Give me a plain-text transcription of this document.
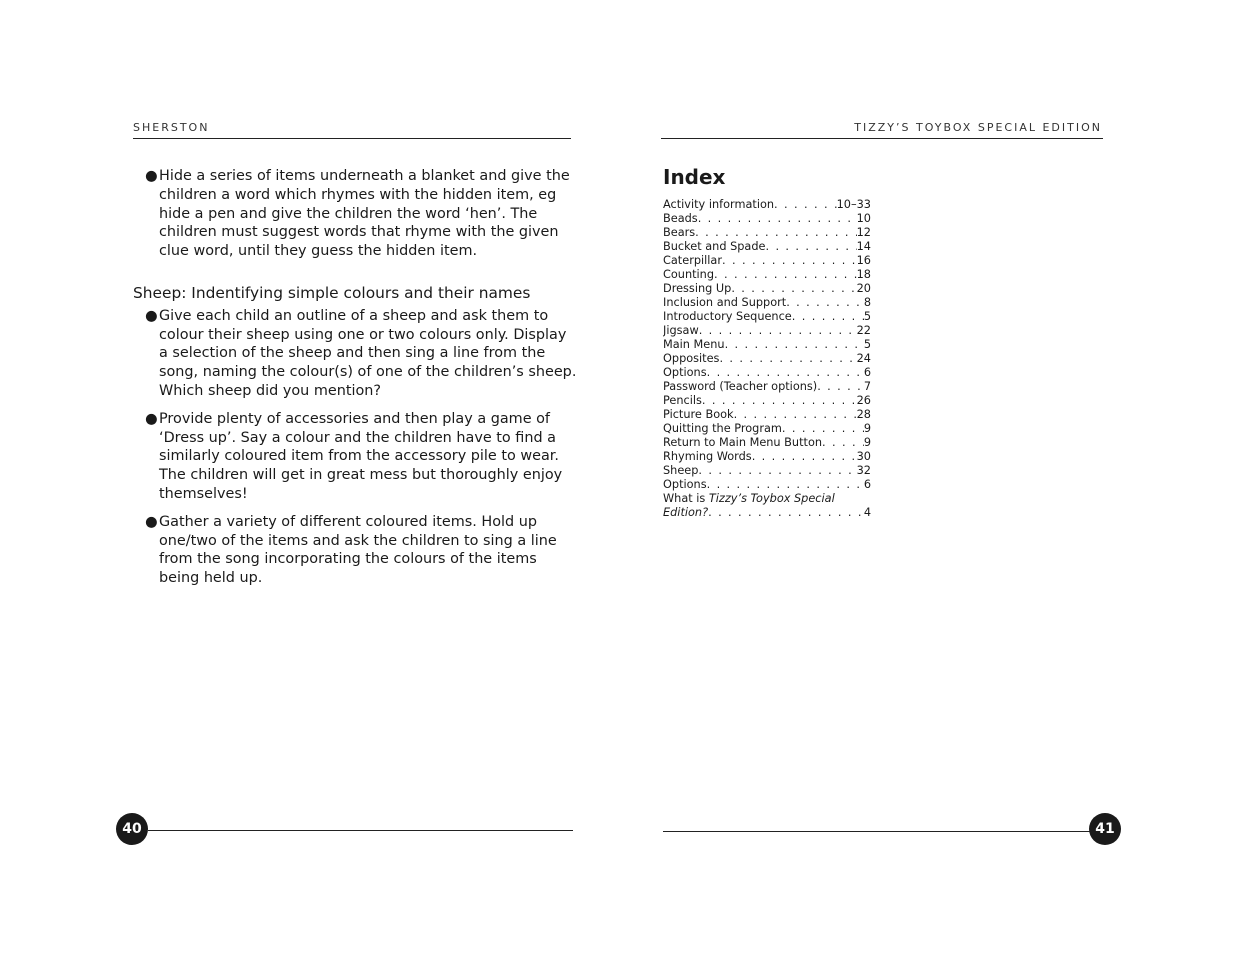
SHERSTON
● Hide a series of items underneath a blanket and give the children a word which rhymes with the hidden item, eg hide a pen and give the children the word ‘hen’. The children must suggest words that rhyme with the given clue word, until they guess the hidden item.
Sheep: Indentifying simple colours and their names
● Give each child an outline of a sheep and ask them to colour their sheep using one or two colours only. Display a selection of the sheep and then sing a line from the song, naming the colour(s) of one of the children’s sheep. Which sheep did you mention?
● Provide plenty of accessories and then play a game of ‘Dress up’. Say a colour and the children have to find a similarly coloured item from the accessory pile to wear. The children will get in great mess but thoroughly enjoy themselves!
● Gather a variety of different coloured items. Hold up one/two of the items and ask the children to sing a line from the song incorporating the colours of the items being held up.
40
TIZZY’S TOYBOX SPECIAL EDITION
Index
Activity information . . .	10–33
Beads . . .	10
Bears . . .	12
Bucket and Spade . . .	14
Caterpillar . . .	16
Counting . . .	18
Dressing Up . . .	20
Inclusion and Support . . .	8
Introductory Sequence . . .	5
Jigsaw . . .	22
Main Menu . . .	5
Opposites . . .	24
Options . . .	6
Password (Teacher options) . . .	7
Pencils . . .	26
Picture Book . . .	28
Quitting the Program . . .	9
Return to Main Menu Button . . .	9
Rhyming Words . . .	30
Sheep . . .	32
Options . . .	6
What is Tizzy’s Toybox Special
Edition? . . .	4
41
